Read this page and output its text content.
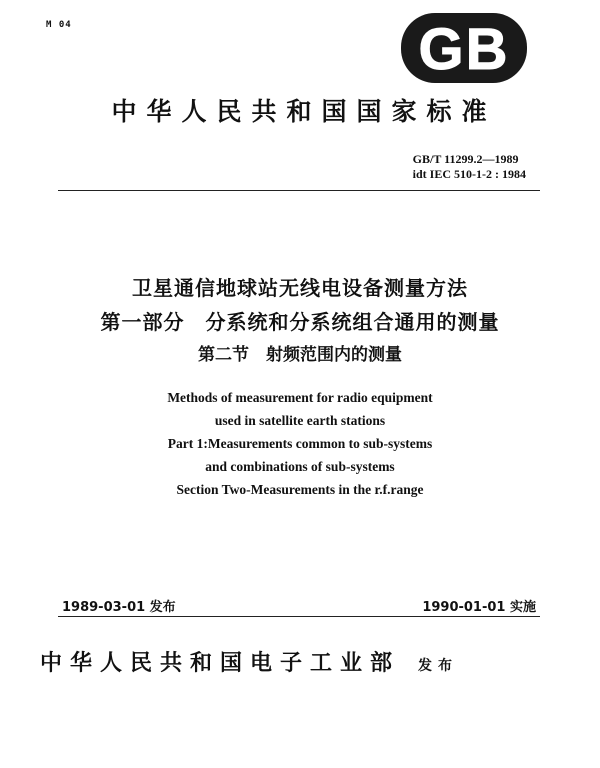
M 04	GB
中华人民共和国国家标准
GB/T 11299.2—1989
idt IEC 510-1-2 : 1984
卫星通信地球站无线电设备测量方法
第一部分　分系统和分系统组合通用的测量
第二节　射频范围内的测量
Methods of measurement for radio equipment
used in satellite earth stations
Part 1:Measurements common to sub-systems
and combinations of sub-systems
Section Two-Measurements in the r.f.range
1989-03-01 发布	1990-01-01 实施
中华人民共和国电子工业部 发布
